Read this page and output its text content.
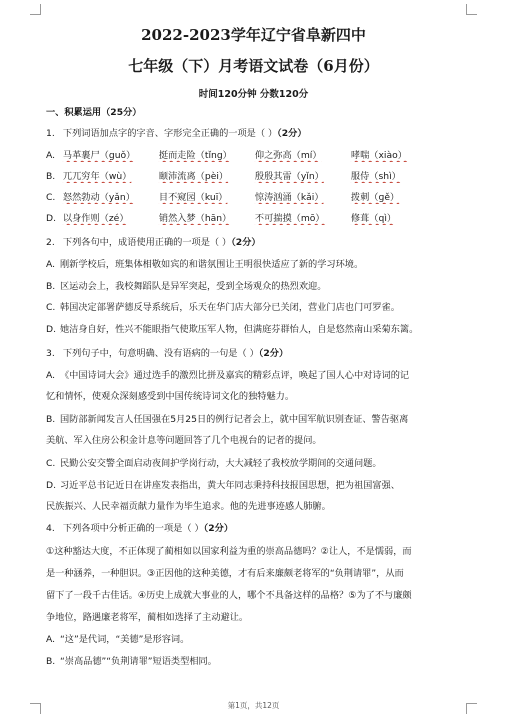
2022-2023学年辽宁省阜新四中
七年级（下）月考语文试卷（6月份）
时间120分钟 分数120分
一、积累运用（25分）
1. 下列词语加点字的字音、字形完全正确的一项是（ ）（2分）
A. 马革裹尸（guǒ）	挺而走险（tǐng）	仰之弥高（mí）	哮喘（xiào）
B. 兀兀穷年（wù）	颐沛流离（pèi）	殷殷其雷（yǐn）	服侍（shì）
C. 怒然勃动（yǎn）	目不窥园（kuī）	惊涛汹涌（kǎi）	拨刺（ɡě）
D. 以身作则（zé）	销然入梦（hān）	不可揣摸（mō）	修葺（qì）
2. 下列各句中，成语使用正确的一项是（ ）（2分）
A. 刚新学校后，班集体相敬如宾的和谐氛围让王明很快适应了新的学习环境。
B. 区运动会上，我校舞蹈队是异军突起，受到全场观众的热烈欢迎。
C. 韩国决定部署萨德反导系统后，乐天在华门店大部分已关闭，营业门店也门可罗雀。
D. 她洁身自好，性兴不能眼指气使欺压军人物，但满庭芬群怡人，自是悠然南山采菊东篱。
3. 下列句子中，句意明确、没有语病的一句是（ ）（2分）
A. 《中国诗词大会》通过选手的激烈比拼及嘉宾的精彩点评，唤起了国人心中对诗词的记
忆和情怀，使观众深刻感受到中国传统诗词文化的独特魅力。
B. 国防部新闻发言人任国强在5月25日的例行记者会上，就中国军航识别查证、警告驱离
美航、军入住房公积金计息等问题回答了几个电视台的记者的提问。
C. 民勤公安交警全面启动夜间护学岗行动，大大减轻了我校放学期间的交通问题。
D. 习近平总书记近日在讲座发表指出，黄大年同志秉持科技报国思想，把为祖国富强、
民族振兴、人民幸福贡献力量作为毕生追求。他的先进事迹感人肺腑。
4. 下列各项中分析正确的一项是（ ）（2分）
①这种豁达大度，不正体现了蔺相如以国家利益为重的崇高品德吗？②让人，不是懦弱，而
是一种涵养，一种胆识。③正因他的这种美德，才有后来廉颇老将军的“负荆请罪”，从而
留下了一段千古佳话。④历史上成就大事业的人，哪个不具备这样的品格？⑤为了不与廉颇
争地位，路遇廉老将军，蔺相如选择了主动避让。
A. “这”是代词，“美德”是形容词。
B. “崇高品德”“负荆请罪”短语类型相同。
第1页，共12页
